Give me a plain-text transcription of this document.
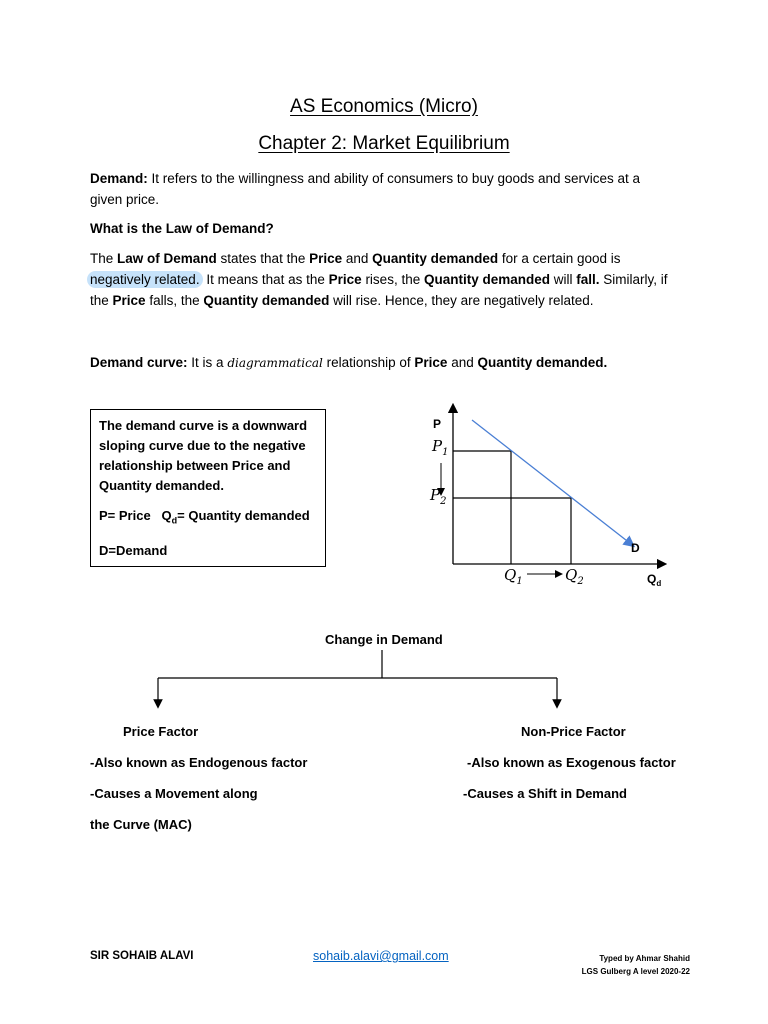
AS Economics (Micro)
Chapter 2: Market Equilibrium
Demand: It refers to the willingness and ability of consumers to buy goods and services at a
given price.
What is the Law of Demand?
The Law of Demand states that the Price and Quantity demanded for a certain good is
negatively related. It means that as the Price rises, the Quantity demanded will fall. Similarly, if
the Price falls, the Quantity demanded will rise. Hence, they are negatively related.
Demand curve: It is a diagrammatical relationship of Price and Quantity demanded.
The demand curve is a downward
sloping curve due to the negative
relationship between Price and
Quantity demanded.
P= Price $Q_d=$ Quantity demanded
D=Demand
P
$P_1$
$P_2$
$Q_1$	$Q_2$
D
$Q_d$
Change in Demand
Price Factor
-Also known as Endogenous factor
-Causes a Movement along
the Curve (MAC)
Non-Price Factor
-Also known as Exogenous factor
-Causes a Shift in Demand
SIR SOHAIB ALAVI	sohaib.alavi@gmail.com	Typed by Ahmar Shahid
LGS Gulberg A level 2020-22
